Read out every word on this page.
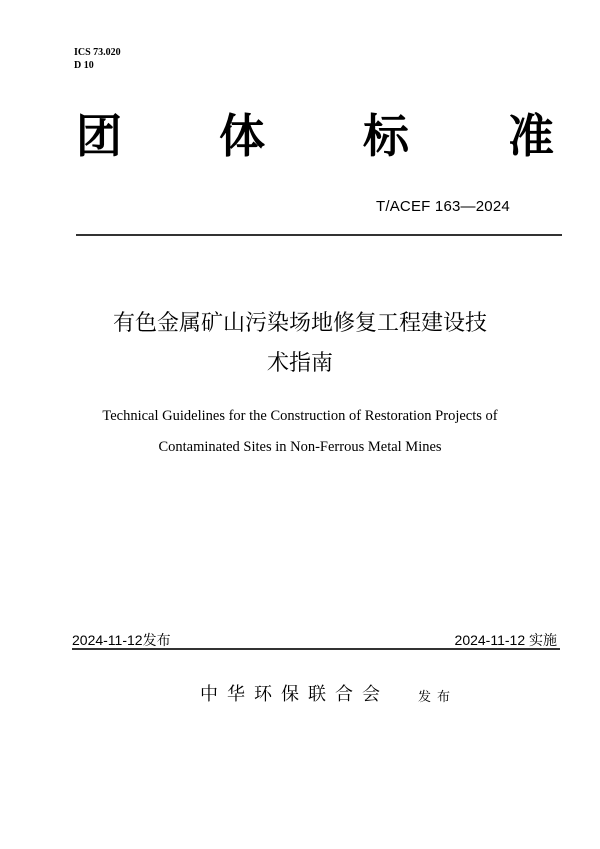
ICS 73.020
D 10
团 体 标 准
T/ACEF 163—2024
有色金属矿山污染场地修复工程建设技
术指南
Technical Guidelines for the Construction of Restoration Projects of
Contaminated Sites in Non-Ferrous Metal Mines
2024-11-12发布	2024-11-12 实施
中华环保联合会 发布
